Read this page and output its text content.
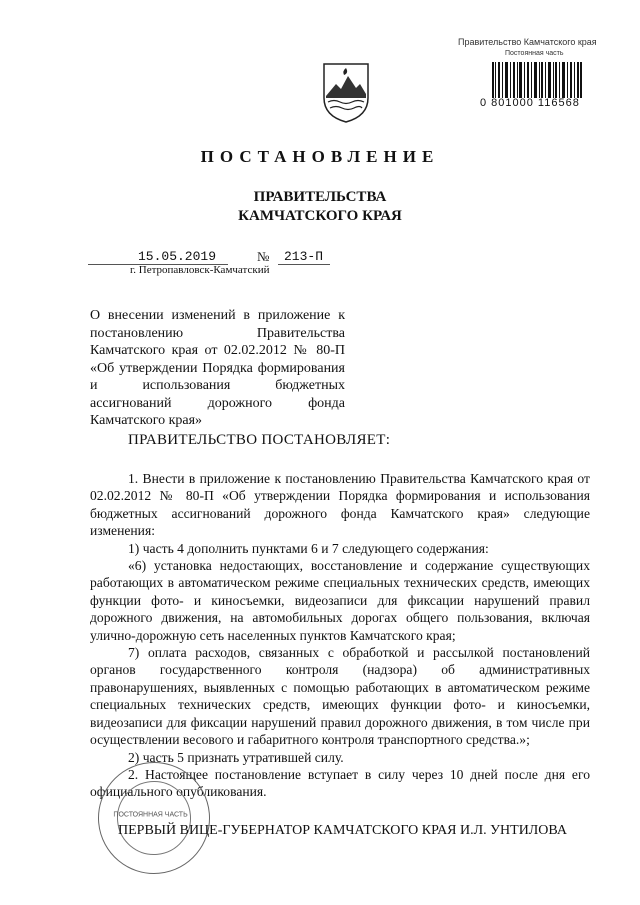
Правительство Камчатского края
Постоянная часть
0 801000 116568
ПОСТАНОВЛЕНИЕ
ПРАВИТЕЛЬСТВА
КАМЧАТСКОГО КРАЯ
15.05.2019	№ 213-П
г. Петропавловск-Камчатский
О внесении изменений в приложение к постановлению Правительства Камчатского края от 02.02.2012 № 80-П «Об утверждении Порядка формирования и использования бюджетных ассигнований дорожного фонда Камчатского края»
ПРАВИТЕЛЬСТВО ПОСТАНОВЛЯЕТ:

1. Внести в приложение к постановлению Правительства Камчатского края от 02.02.2012 № 80-П «Об утверждении Порядка формирования и использования бюджетных ассигнований дорожного фонда Камчатского края» следующие изменения:

1) часть 4 дополнить пунктами 6 и 7 следующего содержания:

«6) установка недостающих, восстановление и содержание существующих работающих в автоматическом режиме специальных технических средств, имеющих функции фото- и киносъемки, видеозаписи для фиксации нарушений правил дорожного движения, на автомобильных дорогах общего пользования, включая улично-дорожную сеть населенных пунктов Камчатского края;

7) оплата расходов, связанных с обработкой и рассылкой постановлений органов государственного контроля (надзора) об административных правонарушениях, выявленных с помощью работающих в автоматическом режиме специальных технических средств, имеющих функции фото- и киносъемки, видеозаписи для фиксации нарушений правил дорожного движения, в том числе при осуществлении весового и габаритного контроля транспортного средства.»;

2) часть 5 признать утратившей силу.

2. Настоящее постановление вступает в силу через 10 дней после дня его официального опубликования.

ПОСТОЯННАЯ ЧАСТЬ
ПЕРВЫЙ ВИЦЕ-ГУБЕРНАТОР КАМЧАТСКОГО КРАЯ И.Л. УНТИЛОВА
